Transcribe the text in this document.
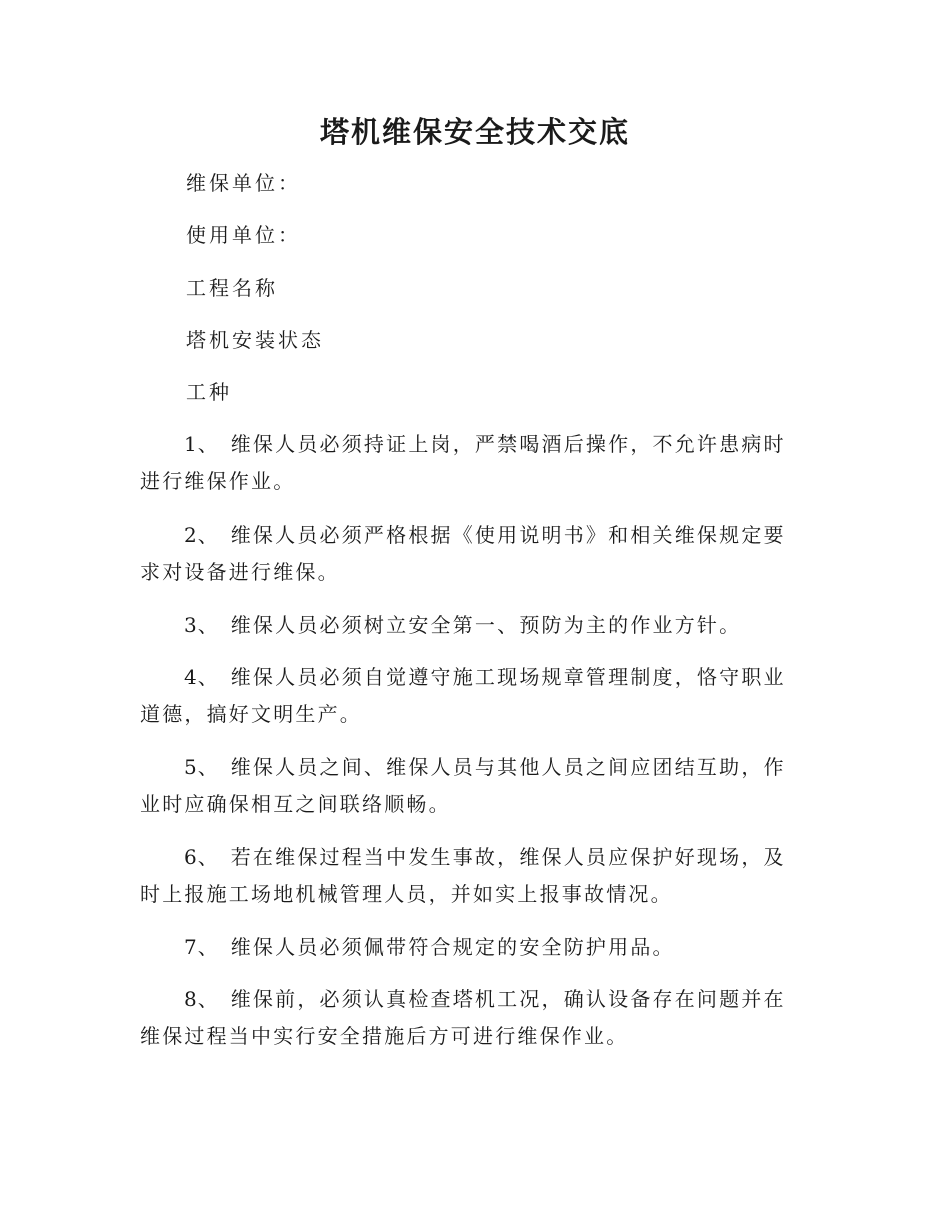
塔机维保安全技术交底
维保单位：
使用单位：
工程名称
塔机安装状态
工种

1、 维保人员必须持证上岗，严禁喝酒后操作，不允许患病时进行维保作业。

2、 维保人员必须严格根据《使用说明书》和相关维保规定要求对设备进行维保。

3、 维保人员必须树立安全第一、预防为主的作业方针。

4、 维保人员必须自觉遵守施工现场规章管理制度，恪守职业道德，搞好文明生产。

5、 维保人员之间、维保人员与其他人员之间应团结互助，作业时应确保相互之间联络顺畅。

6、 若在维保过程当中发生事故，维保人员应保护好现场，及时上报施工场地机械管理人员，并如实上报事故情况。

7、 维保人员必须佩带符合规定的安全防护用品。

8、 维保前，必须认真检查塔机工况，确认设备存在问题并在维保过程当中实行安全措施后方可进行维保作业。
